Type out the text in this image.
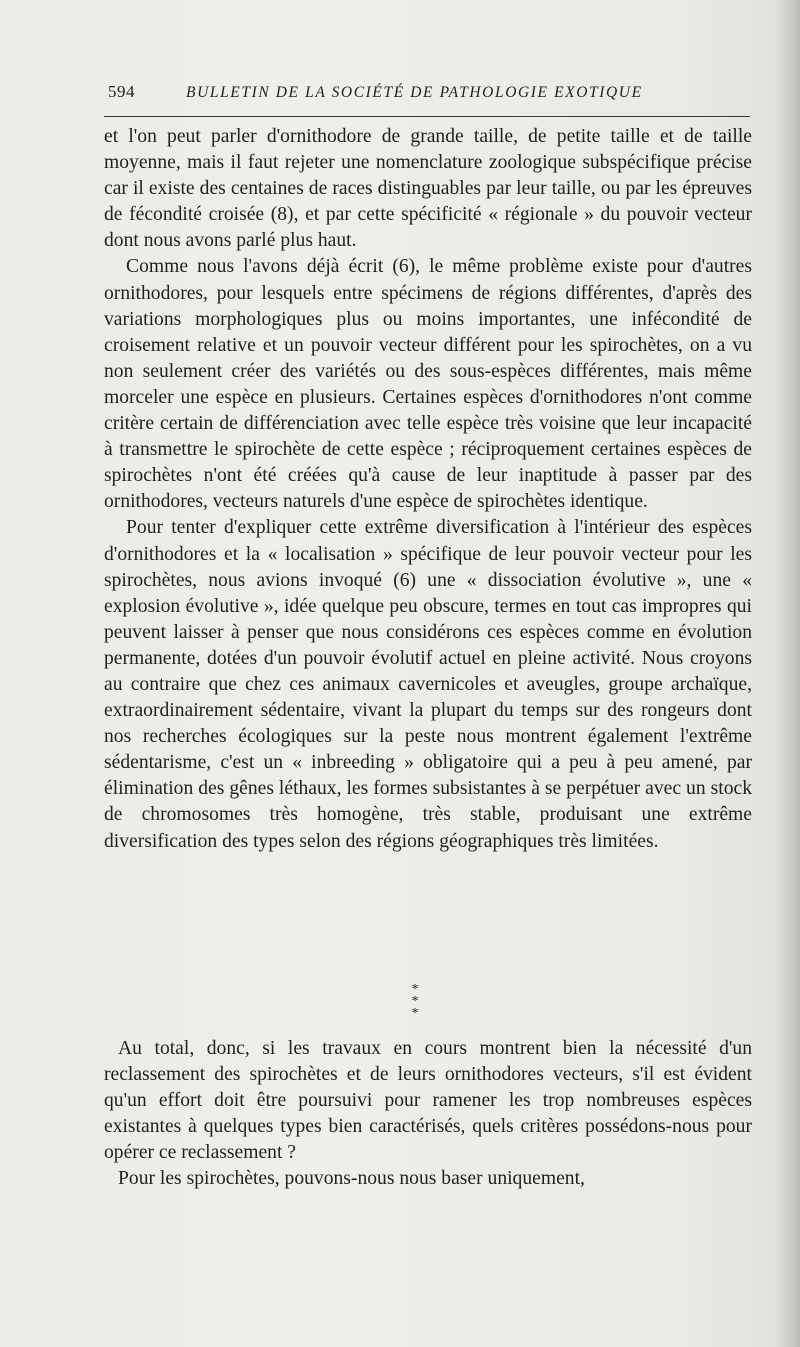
594	BULLETIN DE LA SOCIÉTÉ DE PATHOLOGIE EXOTIQUE

et l'on peut parler d'ornithodore de grande taille, de petite taille et de taille moyenne, mais il faut rejeter une nomenclature zoologique subspécifique précise car il existe des centaines de races distinguables par leur taille, ou par les épreuves de fécondité croisée (8), et par cette spécificité « régionale » du pouvoir vecteur dont nous avons parlé plus haut.

Comme nous l'avons déjà écrit (6), le même problème existe pour d'autres ornithodores, pour lesquels entre spécimens de régions différentes, d'après des variations morphologiques plus ou moins importantes, une infécondité de croisement relative et un pouvoir vecteur différent pour les spirochètes, on a vu non seulement créer des variétés ou des sous-espèces différentes, mais même morceler une espèce en plusieurs. Certaines espèces d'ornithodores n'ont comme critère certain de différenciation avec telle espèce très voisine que leur incapacité à transmettre le spirochète de cette espèce ; réciproquement certaines espèces de spirochètes n'ont été créées qu'à cause de leur inaptitude à passer par des ornithodores, vecteurs naturels d'une espèce de spirochètes identique.

Pour tenter d'expliquer cette extrême diversification à l'intérieur des espèces d'ornithodores et la « localisation » spécifique de leur pouvoir vecteur pour les spirochètes, nous avions invoqué (6) une « dissociation évolutive », une « explosion évolutive », idée quelque peu obscure, termes en tout cas impropres qui peuvent laisser à penser que nous considérons ces espèces comme en évolution permanente, dotées d'un pouvoir évolutif actuel en pleine activité. Nous croyons au contraire que chez ces animaux cavernicoles et aveugles, groupe archaïque, extraordinairement sédentaire, vivant la plupart du temps sur des rongeurs dont nos recherches écologiques sur la peste nous montrent également l'extrême sédentarisme, c'est un « inbreeding » obligatoire qui a peu à peu amené, par élimination des gênes léthaux, les formes subsistantes à se perpétuer avec un stock de chromosomes très homogène, très stable, produisant une extrême diversification des types selon des régions géographiques très limitées.

*
* *

Au total, donc, si les travaux en cours montrent bien la nécessité d'un reclassement des spirochètes et de leurs ornithodores vecteurs, s'il est évident qu'un effort doit être poursuivi pour ramener les trop nombreuses espèces existantes à quelques types bien caractérisés, quels critères possédons-nous pour opérer ce reclassement ?

Pour les spirochètes, pouvons-nous nous baser uniquement,
